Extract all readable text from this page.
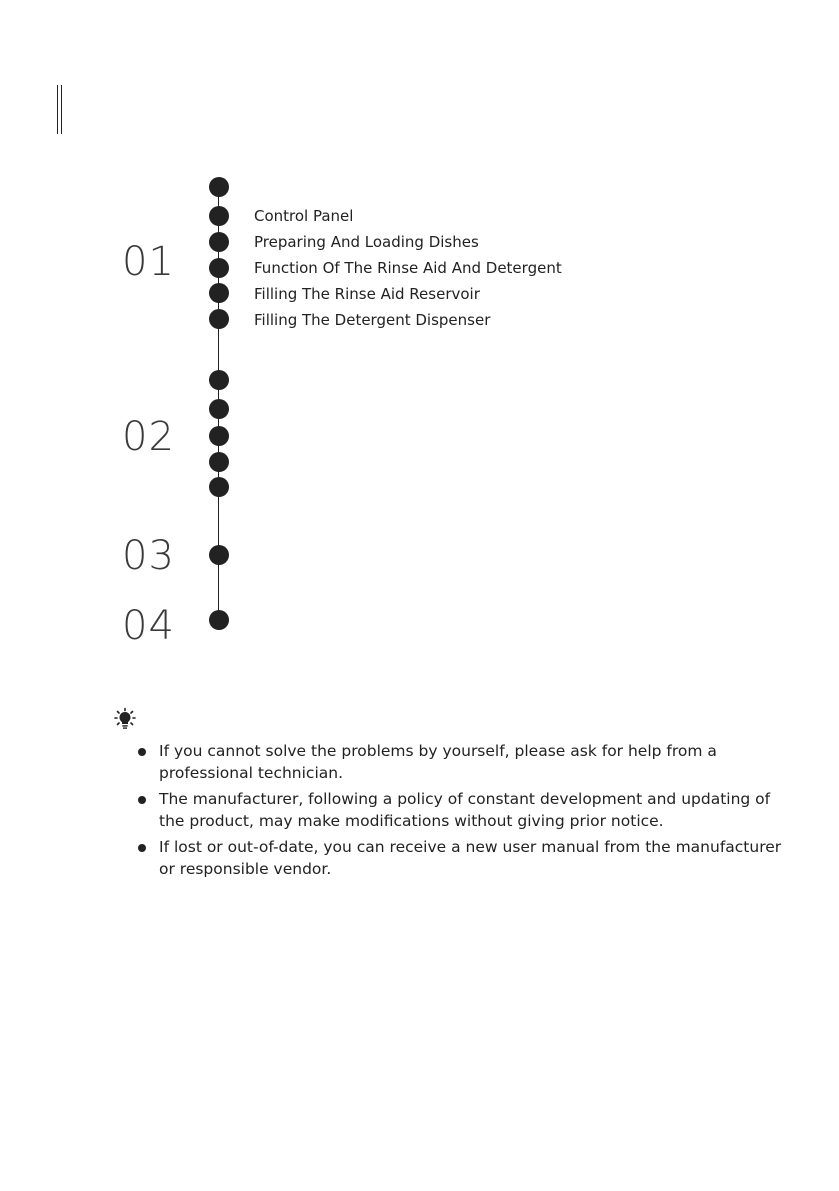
01
02
03
04
Control Panel
Preparing And Loading Dishes
Function Of The Rinse Aid And Detergent
Filling The Rinse Aid Reservoir
Filling The Detergent Dispenser
If you cannot solve the problems by yourself, please ask for help from a professional technician.
The manufacturer, following a policy of constant development and updating of the product, may make modifications without giving prior notice.
If lost or out-of-date, you can receive a new user manual from the manufacturer or responsible vendor.
